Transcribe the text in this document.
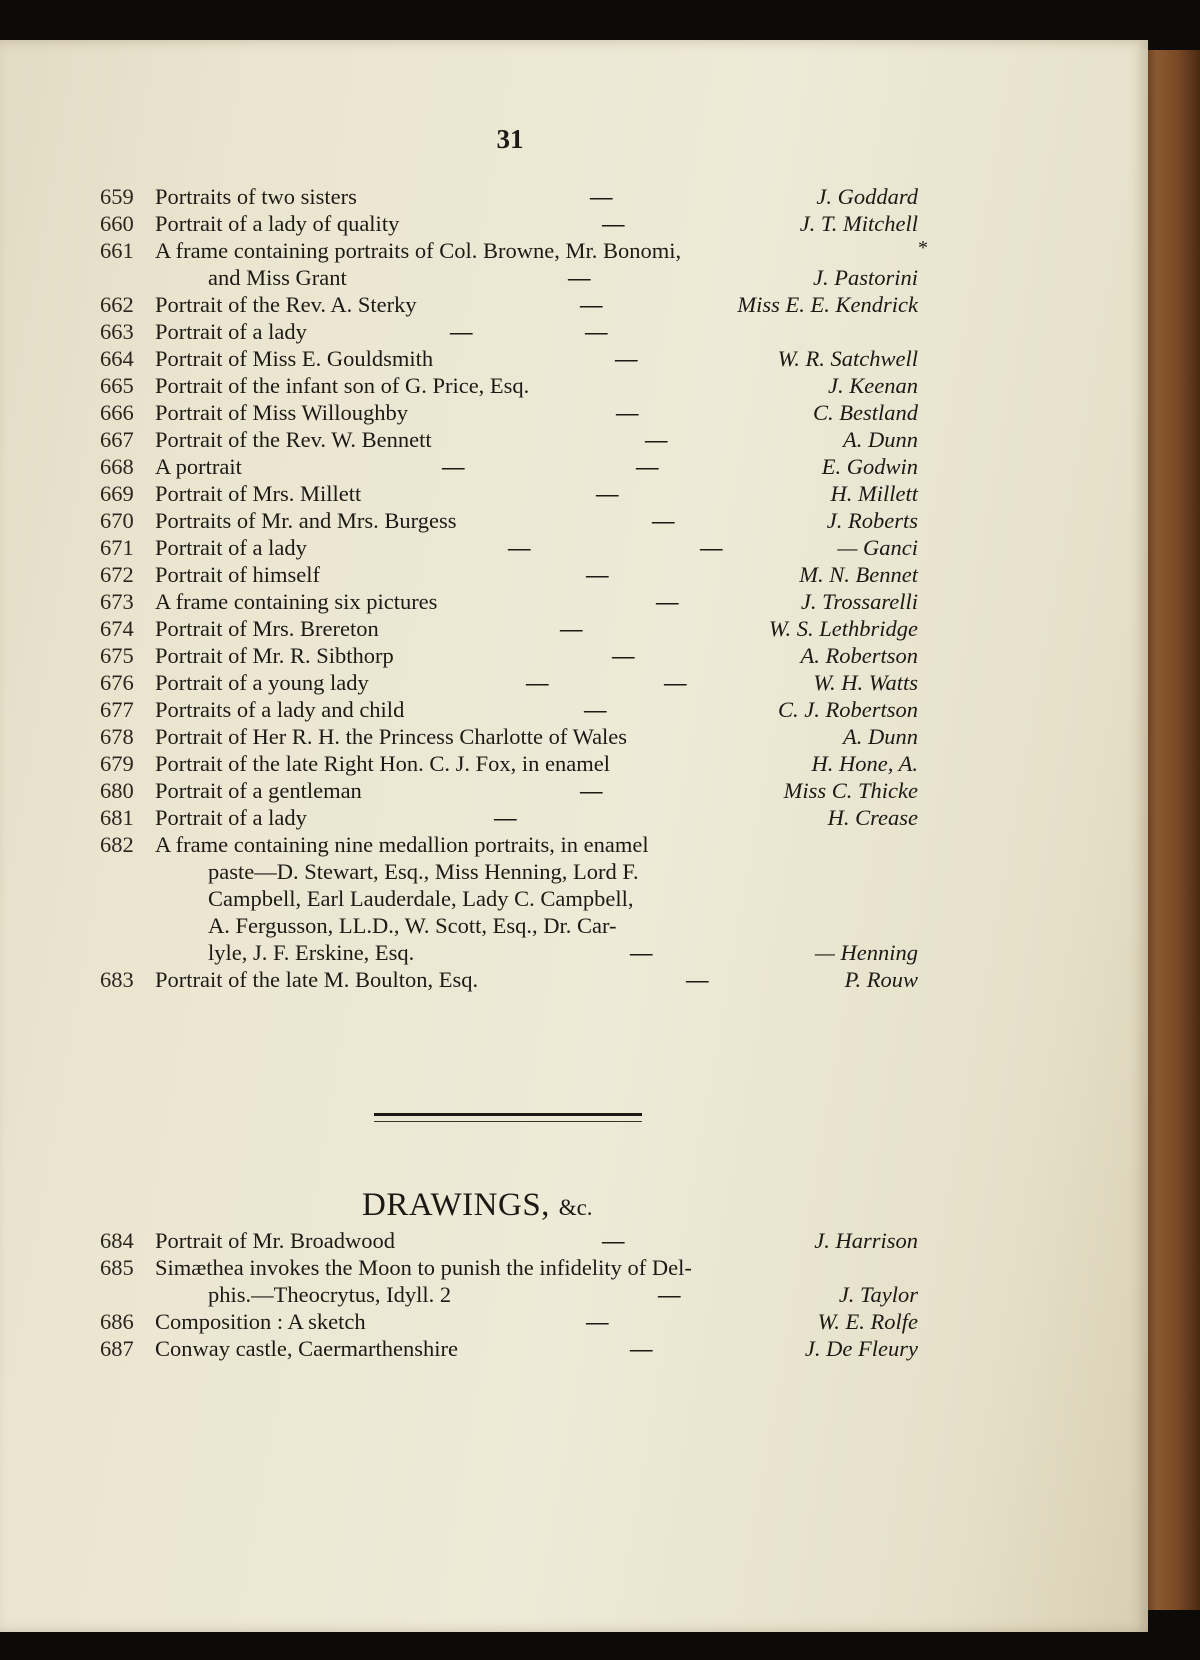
31
659 Portraits of two sisters	—	J. Goddard
660 Portrait of a lady of quality	—	J. T. Mitchell
661 A frame containing portraits of Col. Browne, Mr. Bonomi,	*
and Miss Grant	—	J. Pastorini
662 Portrait of the Rev. A. Sterky	—	Miss E. E. Kendrick
663 Portrait of a lady	—	—
664 Portrait of Miss E. Gouldsmith	—	W. R. Satchwell
665 Portrait of the infant son of G. Price, Esq.	J. Keenan
666 Portrait of Miss Willoughby	—	C. Bestland
667 Portrait of the Rev. W. Bennett	—	A. Dunn
668 A portrait	—	—	E. Godwin
669 Portrait of Mrs. Millett	—	H. Millett
670 Portraits of Mr. and Mrs. Burgess	—	J. Roberts
671 Portrait of a lady	—	—	— Ganci
672 Portrait of himself	—	M. N. Bennet
673 A frame containing six pictures	—	J. Trossarelli
674 Portrait of Mrs. Brereton	—	W. S. Lethbridge
675 Portrait of Mr. R. Sibthorp	—	A. Robertson
676 Portrait of a young lady	—	—	W. H. Watts
677 Portraits of a lady and child	—	C. J. Robertson
678 Portrait of Her R. H. the Princess Charlotte of Wales	A. Dunn
679 Portrait of the late Right Hon. C. J. Fox, in enamel	H. Hone, A.
680 Portrait of a gentleman	—	Miss C. Thicke
681 Portrait of a lady	—	H. Crease
682 A frame containing nine medallion portraits, in enamel
paste—D. Stewart, Esq., Miss Henning, Lord F.
Campbell, Earl Lauderdale, Lady C. Campbell,
A. Fergusson, LL.D., W. Scott, Esq., Dr. Car-
lyle, J. F. Erskine, Esq.	—	— Henning
683 Portrait of the late M. Boulton, Esq.	—	P. Rouw
DRAWINGS, &c.
684 Portrait of Mr. Broadwood	—	J. Harrison
685 Simæthea invokes the Moon to punish the infidelity of Del-
phis.—Theocrytus, Idyll. 2	—	J. Taylor
686 Composition : A sketch	—	W. E. Rolfe
687 Conway castle, Caermarthenshire	—	J. De Fleury
